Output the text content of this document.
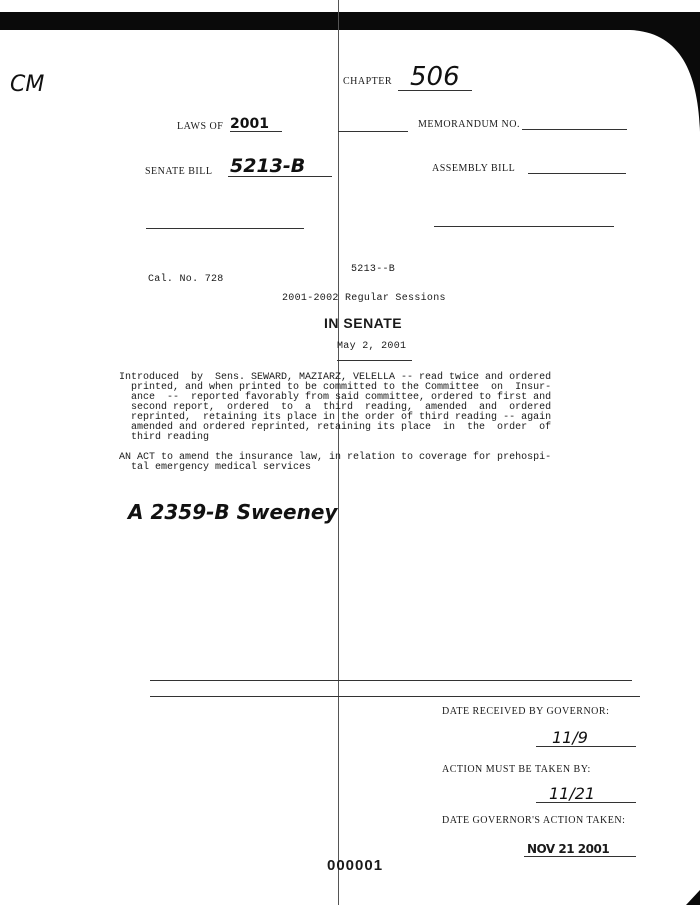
CM	CHAPTER 506
LAWS OF 2001	MEMORANDUM NO.
SENATE BILL 5213-B	ASSEMBLY BILL
5213--B
Cal. No. 728
2001-2002 Regular Sessions
IN SENATE
May 2, 2001
Introduced  by  Sens. SEWARD, MAZIARZ, VELELLA -- read twice and ordered
printed, and when printed to be committed to the Committee  on  Insur-
ance  --  reported favorably from said committee, ordered to first and
second report,  ordered  to  a  third  reading,  amended  and  ordered
reprinted,  retaining its place in the order of third reading -- again
amended and ordered reprinted, retaining its place  in  the  order  of
third reading
AN ACT to amend the insurance law, in relation to coverage for prehospi-
tal emergency medical services
A 2359-B Sweeney
DATE RECEIVED BY GOVERNOR:
11/9
ACTION MUST BE TAKEN BY:
11/21
DATE GOVERNOR'S ACTION TAKEN:
NOV 21 2001
000001
